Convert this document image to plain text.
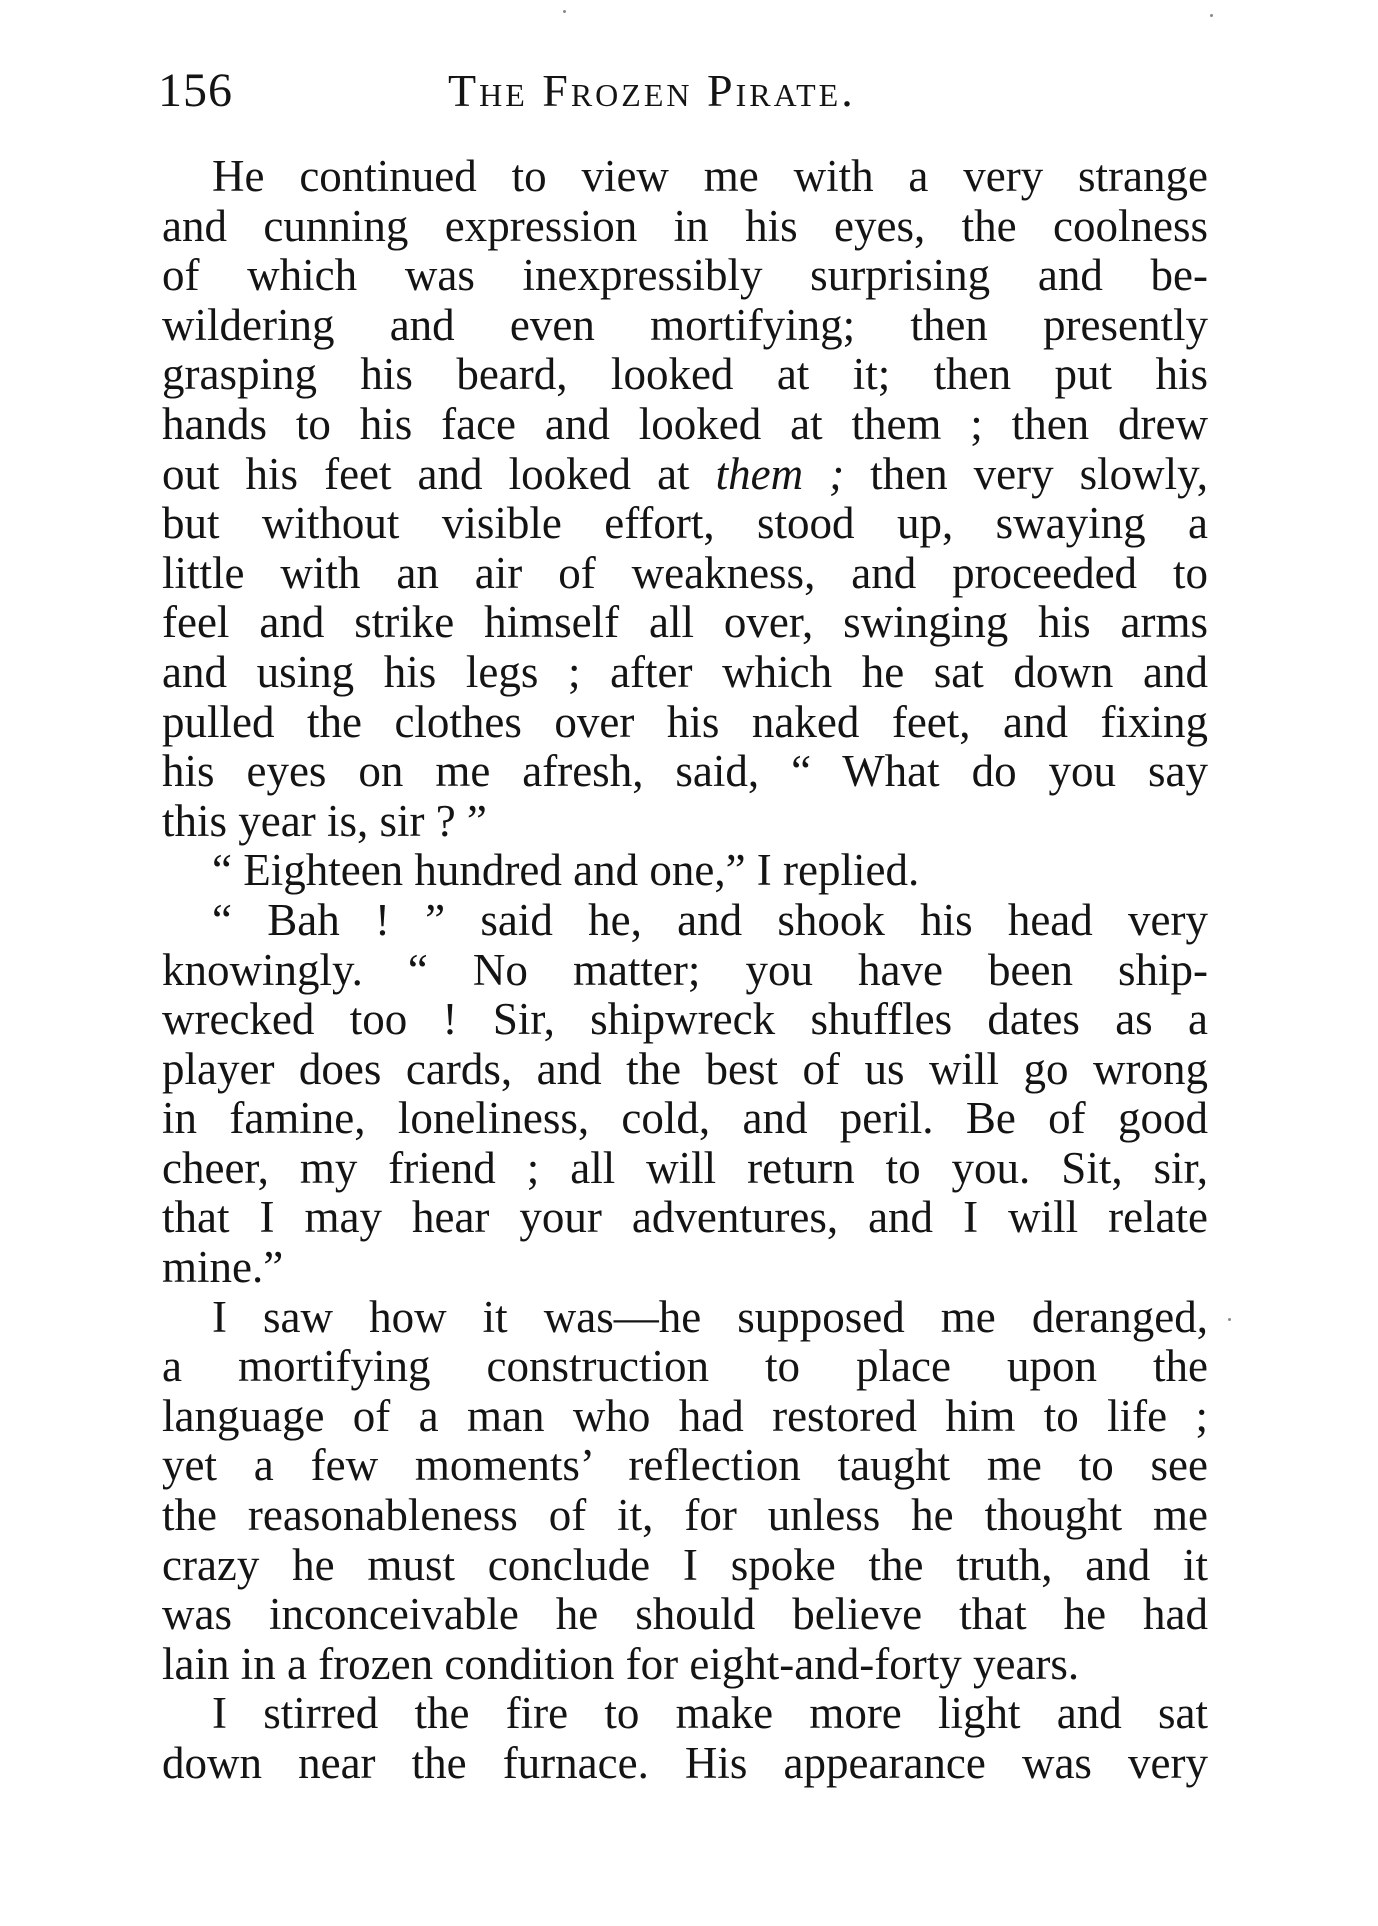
156	The Frozen Pirate.
He continued to view me with a very strange
and cunning expression in his eyes, the coolness
of which was inexpressibly surprising and be-
wildering and even mortifying; then presently
grasping his beard, looked at it; then put his
hands to his face and looked at them ; then drew
out his feet and looked at them ; then very slowly,
but without visible effort, stood up, swaying a
little with an air of weakness, and proceeded to
feel and strike himself all over, swinging his arms
and using his legs ; after which he sat down and
pulled the clothes over his naked feet, and fixing
his eyes on me afresh, said, “ What do you say
this year is, sir ? ”
“ Eighteen hundred and one,” I replied.
“ Bah ! ” said he, and shook his head very
knowingly. “ No matter; you have been ship-
wrecked too ! Sir, shipwreck shuffles dates as a
player does cards, and the best of us will go wrong
in famine, loneliness, cold, and peril. Be of good
cheer, my friend ; all will return to you. Sit, sir,
that I may hear your adventures, and I will relate
mine.”
I saw how it was—he supposed me deranged,
a mortifying construction to place upon the
language of a man who had restored him to life ;
yet a few moments’ reflection taught me to see
the reasonableness of it, for unless he thought me
crazy he must conclude I spoke the truth, and it
was inconceivable he should believe that he had
lain in a frozen condition for eight-and-forty years.
I stirred the fire to make more light and sat
down near the furnace. His appearance was very
